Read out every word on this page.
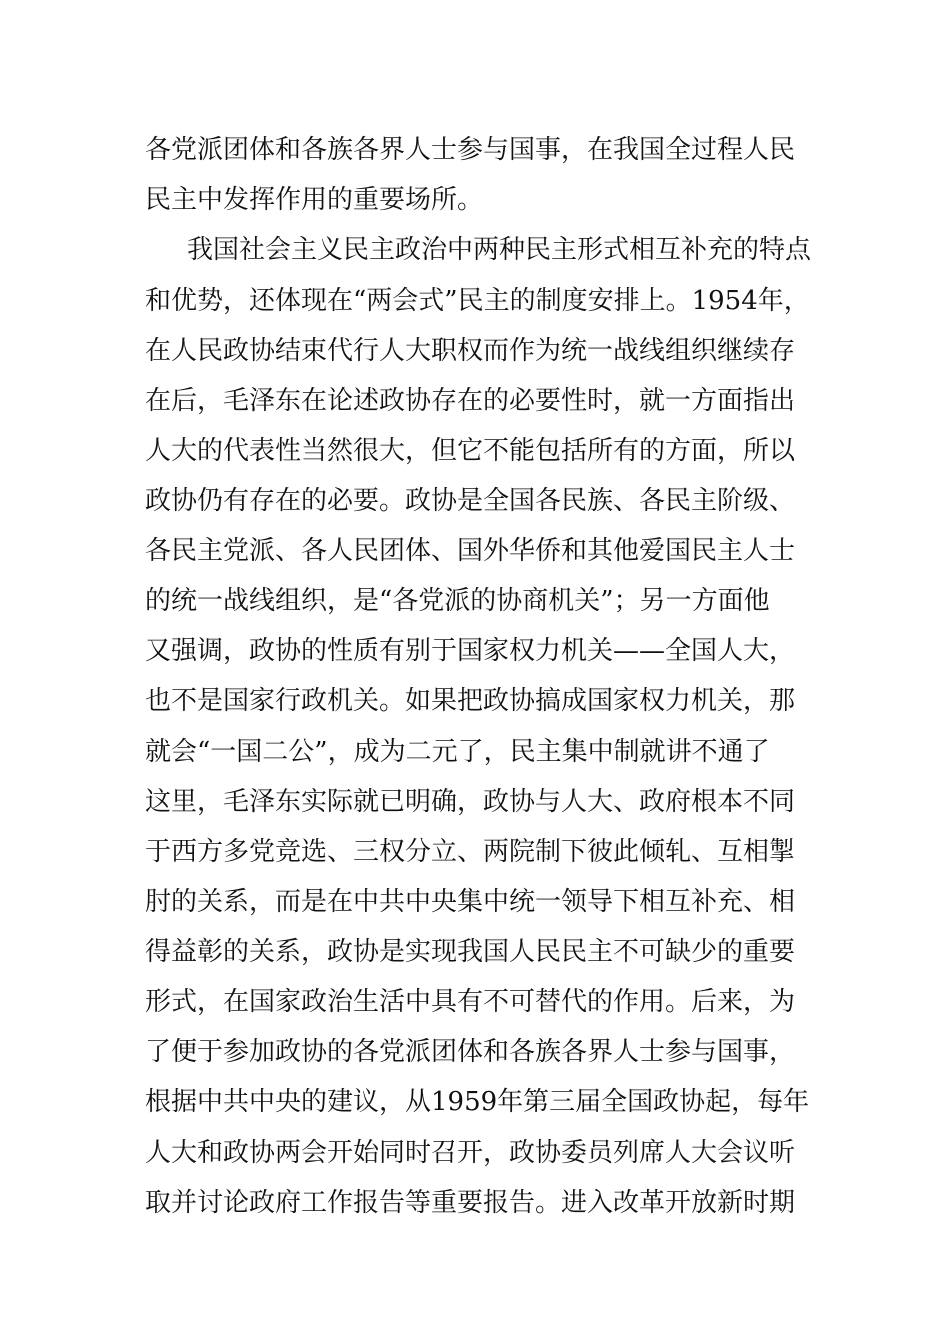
各党派团体和各族各界人士参与国事，在我国全过程人民

民主中发挥作用的重要场所。

我国社会主义民主政治中两种民主形式相互补充的特点

和优势，还体现在“两会式”民主的制度安排上。1954年，

在人民政协结束代行人大职权而作为统一战线组织继续存

在后，毛泽东在论述政协存在的必要性时，就一方面指出

人大的代表性当然很大，但它不能包括所有的方面，所以

政协仍有存在的必要。政协是全国各民族、各民主阶级、

各民主党派、各人民团体、国外华侨和其他爱国民主人士

的统一战线组织，是“各党派的协商机关”；另一方面他

又强调，政协的性质有别于国家权力机关——全国人大，

也不是国家行政机关。如果把政协搞成国家权力机关，那

就会“一国二公”，成为二元了，民主集中制就讲不通了

这里，毛泽东实际就已明确，政协与人大、政府根本不同

于西方多党竞选、三权分立、两院制下彼此倾轧、互相掣

肘的关系，而是在中共中央集中统一领导下相互补充、相

得益彰的关系，政协是实现我国人民民主不可缺少的重要

形式，在国家政治生活中具有不可替代的作用。后来，为

了便于参加政协的各党派团体和各族各界人士参与国事，

根据中共中央的建议，从1959年第三届全国政协起，每年

人大和政协两会开始同时召开，政协委员列席人大会议听

取并讨论政府工作报告等重要报告。进入改革开放新时期
